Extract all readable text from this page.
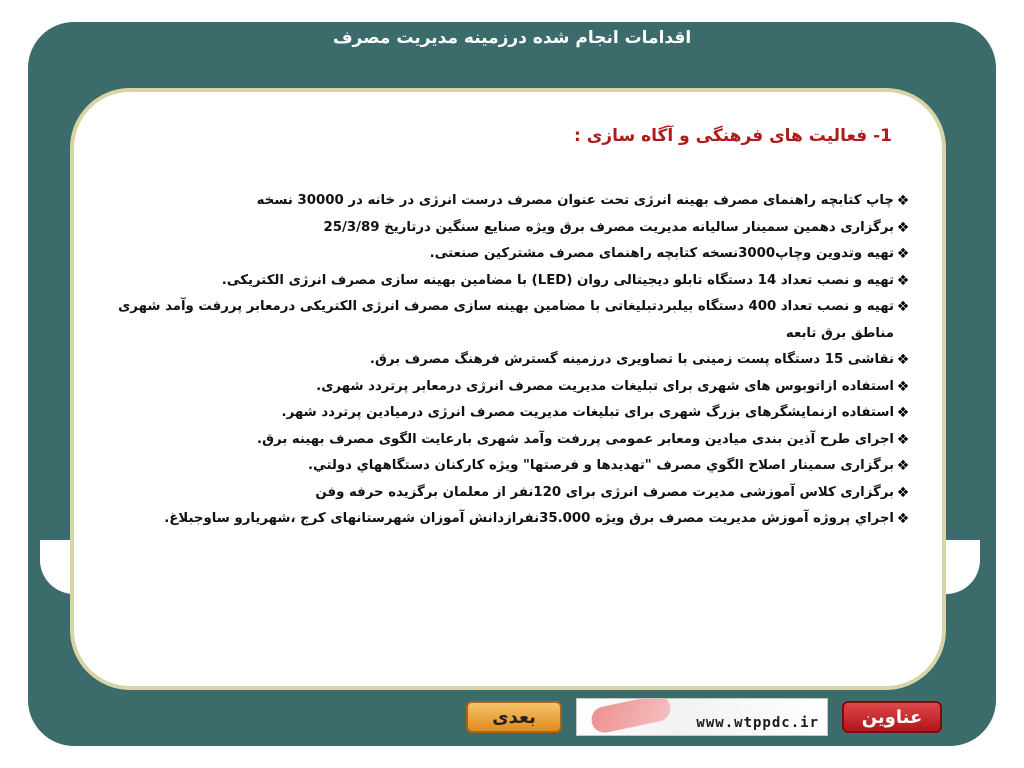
اقدامات انجام شده درزمینه مدیریت مصرف
1- فعالیت های فرهنگی و آگاه سازی :
❖
چاپ کتابچه راهنمای مصرف بهینه انرژی تحت عنوان مصرف درست انرژی در خانه در 30000 نسخه
❖
برگزاری دهمین سمینار سالیانه مدیریت مصرف برق ویژه صنایع سنگین درتاریخ 25/3/89
❖
تهیه وتدوین وچاپ3000نسخه کتابچه راهنمای مصرف مشترکین صنعتی.
❖
تهیه و نصب تعداد 14 دستگاه تابلو دیجیتالی روان (LED) با مضامین بهینه سازی مصرف انرژی الکتریکی.
❖
تهیه و نصب تعداد 400 دستگاه بیلبردتبلیغاتی با مضامین بهینه سازی مصرف انرژی الکتریکی درمعابر پررفت وآمد شهری مناطق برق تابعه
❖
نقاشی 15 دستگاه پست زمینی با تصاویری درزمینه گسترش فرهنگ مصرف برق.
❖
استفاده ازاتوبوس های شهری برای تبلیغات مدیریت مصرف انرژی درمعابر پرتردد شهری.
❖
استفاده ازنمایشگرهای بزرگ شهری برای تبلیغات مدیریت مصرف انرژی درمیادین پرتردد شهر.
❖
اجرای طرح آذین بندی میادین ومعابر عمومی پررفت وآمد شهری بارعایت الگوی مصرف بهینه برق.
❖
برگزاری سمینار اصلاح الگوي مصرف "تهدیدها و فرصتها" ویژه کارکنان دستگاههاي دولتي.
❖
برگزاری کلاس آموزشی مدیرت مصرف انرژی برای 120نفر از معلمان برگزیده حرفه وفن
❖
اجراي پروژه آموزش مديريت مصرف برق ويژه 35.000نفرازدانش آموزان شهرستانهای کرج ،شهریارو ساوجبلاغ.
بعدی	www.wtppdc.ir	عناوین
